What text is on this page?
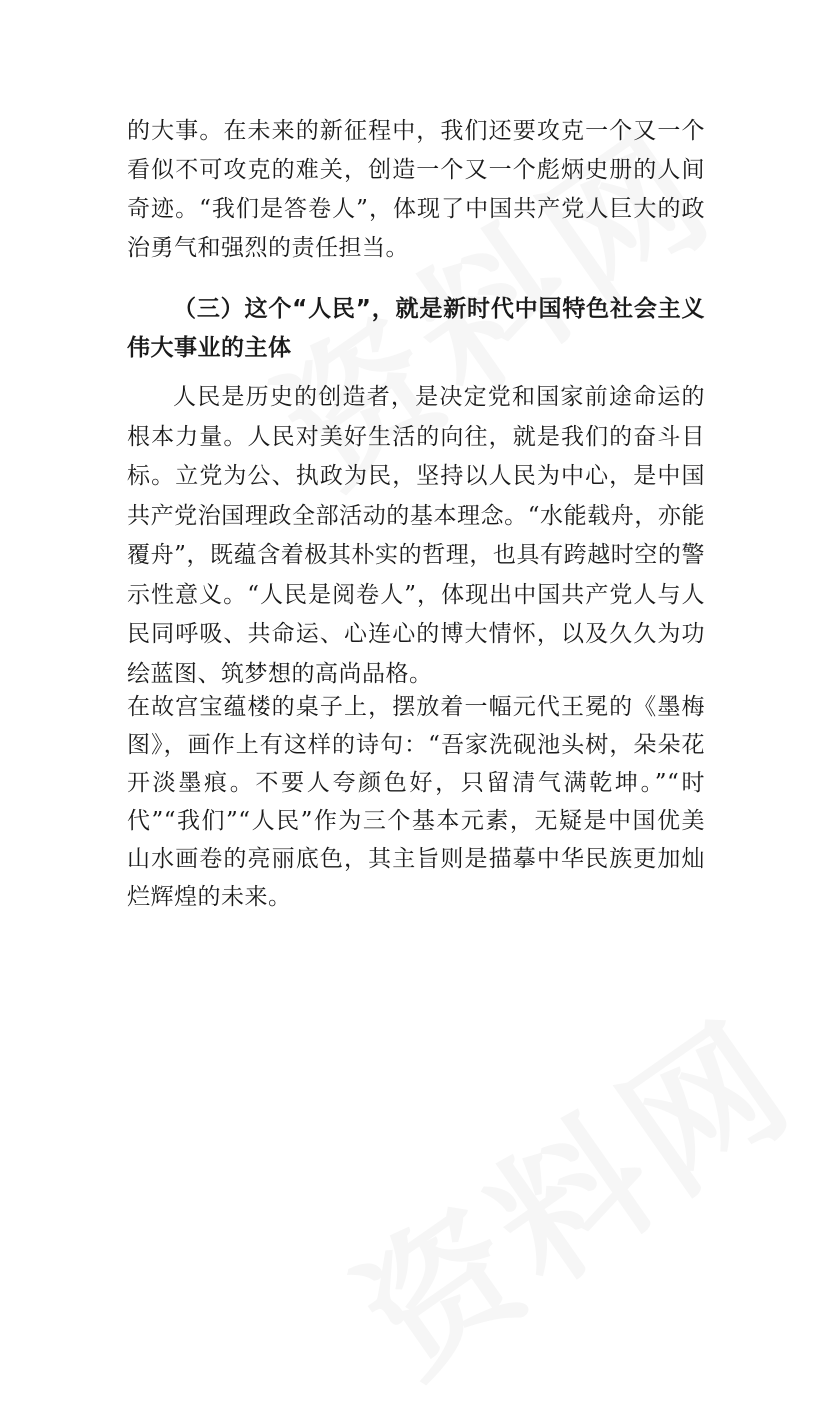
的大事。在未来的新征程中，我们还要攻克一个又一个看似不可攻克的难关，创造一个又一个彪炳史册的人间奇迹。“我们是答卷人”，体现了中国共产党人巨大的政治勇气和强烈的责任担当。
（三）这个“人民”，就是新时代中国特色社会主义伟大事业的主体
人民是历史的创造者，是决定党和国家前途命运的根本力量。人民对美好生活的向往，就是我们的奋斗目标。立党为公、执政为民，坚持以人民为中心，是中国共产党治国理政全部活动的基本理念。“水能载舟，亦能覆舟”，既蕴含着极其朴实的哲理，也具有跨越时空的警示性意义。“人民是阅卷人”，体现出中国共产党人与人民同呼吸、共命运、心连心的博大情怀，以及久久为功绘蓝图、筑梦想的高尚品格。
在故宫宝蕴楼的桌子上，摆放着一幅元代王冕的《墨梅图》，画作上有这样的诗句：“吾家洗砚池头树，朵朵花开淡墨痕。不要人夸颜色好，只留清气满乾坤。”“时代”“我们”“人民”作为三个基本元素，无疑是中国优美山水画卷的亮丽底色，其主旨则是描摹中华民族更加灿烂辉煌的未来。
